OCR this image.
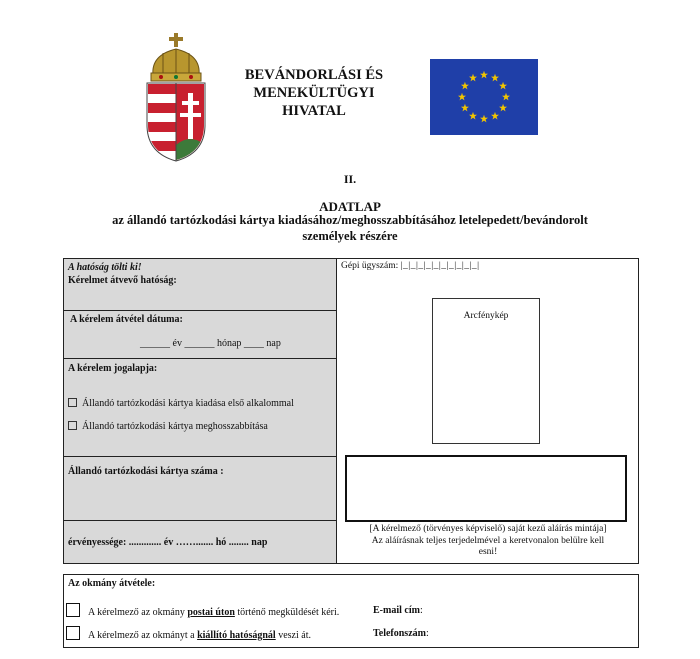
BEVÁNDORLÁSI ÉS
MENEKÜLTÜGYI
HIVATAL
II.
ADATLAP
az állandó tartózkodási kártya kiadásához/meghosszabbításához letelepedett/bevándorolt
személyek részére
A hatóság tölti ki!
Kérelmet átvevő hatóság:
A kérelem átvétel dátuma:
______ év ______ hónap ____ nap
A kérelem jogalapja:
Állandó tartózkodási kártya kiadása első alkalommal
Állandó tartózkodási kártya meghosszabbítása
Állandó tartózkodási kártya száma :
érvényessége: ............. év ……....... hó ........ nap
Gépi ügyszám: |_|_|_|_|_|_|_|_|_|_|
Arcfénykép
[A kérelmező (törvényes képviselő) saját kezű aláírás mintája]
Az aláírásnak teljes terjedelmével a keretvonalon belülre kell
esni!
Az okmány átvétele:
A kérelmező az okmány postai úton történő megküldését kéri.	E-mail cím:
A kérelmező az okmányt a kiállító hatóságnál veszi át.	Telefonszám:
